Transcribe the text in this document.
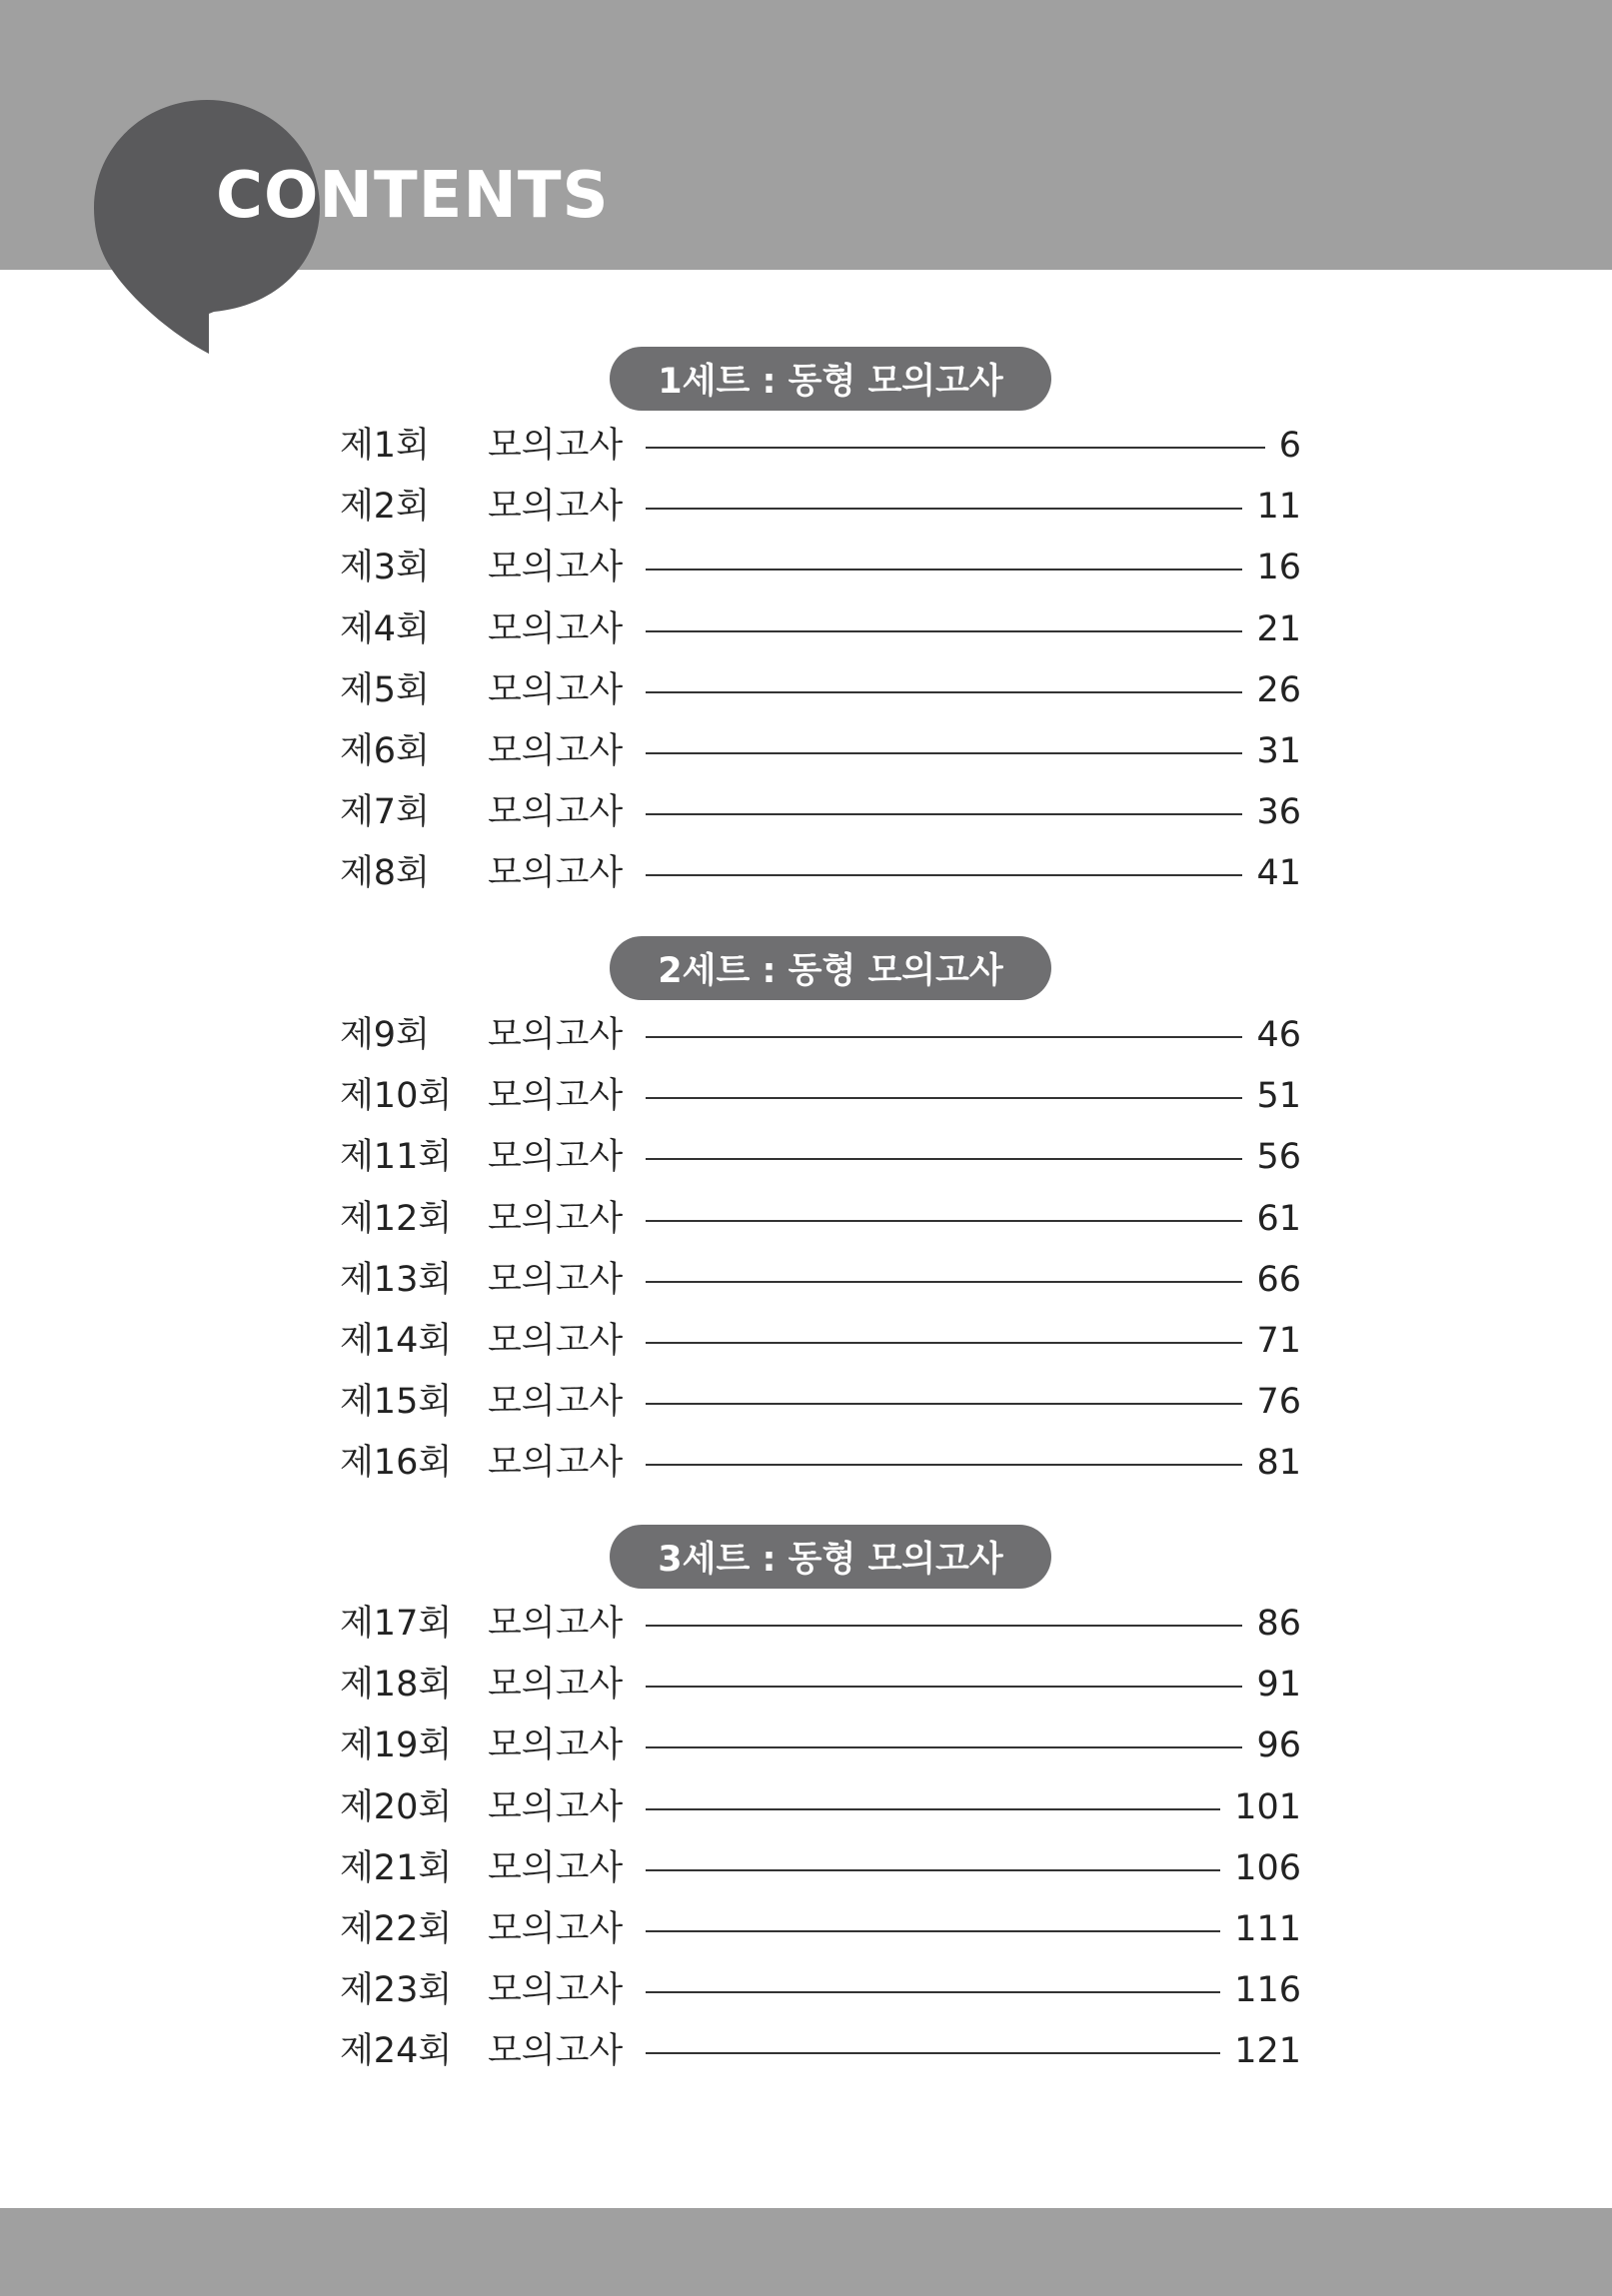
CONTENTS
1세트 : 동형 모의고사
제1회 모의고사	6
제2회 모의고사	11
제3회 모의고사	16
제4회 모의고사	21
제5회 모의고사	26
제6회 모의고사	31
제7회 모의고사	36
제8회 모의고사	41
2세트 : 동형 모의고사
제9회 모의고사	46
제10회 모의고사	51
제11회 모의고사	56
제12회 모의고사	61
제13회 모의고사	66
제14회 모의고사	71
제15회 모의고사	76
제16회 모의고사	81
3세트 : 동형 모의고사
제17회 모의고사	86
제18회 모의고사	91
제19회 모의고사	96
제20회 모의고사	101
제21회 모의고사	106
제22회 모의고사	111
제23회 모의고사	116
제24회 모의고사	121
